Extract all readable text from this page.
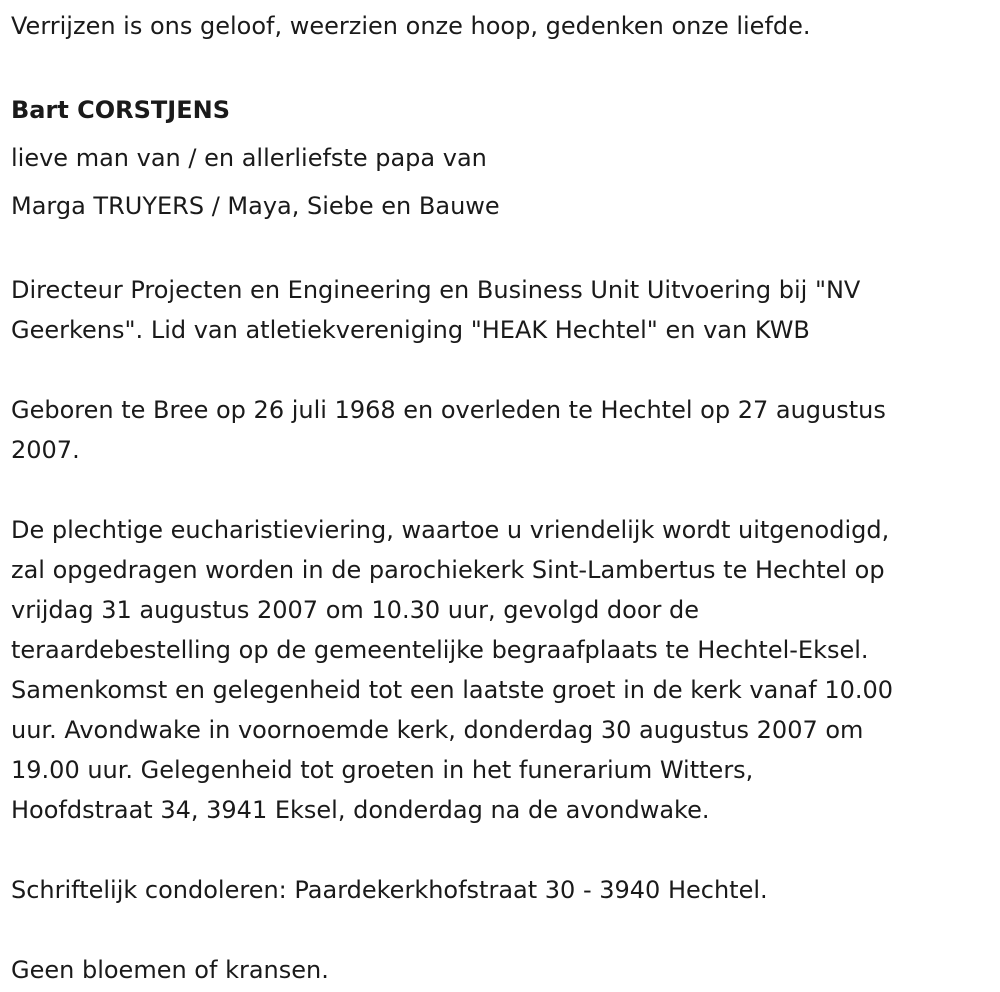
Verrijzen is ons geloof, weerzien onze hoop, gedenken onze liefde.
Bart CORSTJENS
lieve man van / en allerliefste papa van
Marga TRUYERS / Maya, Siebe en Bauwe
Directeur Projecten en Engineering en Business Unit Uitvoering bij "NV
Geerkens". Lid van atletiekvereniging "HEAK Hechtel" en van KWB
Geboren te Bree op 26 juli 1968 en overleden te Hechtel op 27 augustus
2007.
De plechtige eucharistieviering, waartoe u vriendelijk wordt uitgenodigd,
zal opgedragen worden in de parochiekerk Sint-Lambertus te Hechtel op
vrijdag 31 augustus 2007 om 10.30 uur, gevolgd door de
teraardebestelling op de gemeentelijke begraafplaats te Hechtel-Eksel.
Samenkomst en gelegenheid tot een laatste groet in de kerk vanaf 10.00
uur. Avondwake in voornoemde kerk, donderdag 30 augustus 2007 om
19.00 uur. Gelegenheid tot groeten in het funerarium Witters,
Hoofdstraat 34, 3941 Eksel, donderdag na de avondwake.
Schriftelijk condoleren: Paardekerkhofstraat 30 - 3940 Hechtel.
Geen bloemen of kransen.
